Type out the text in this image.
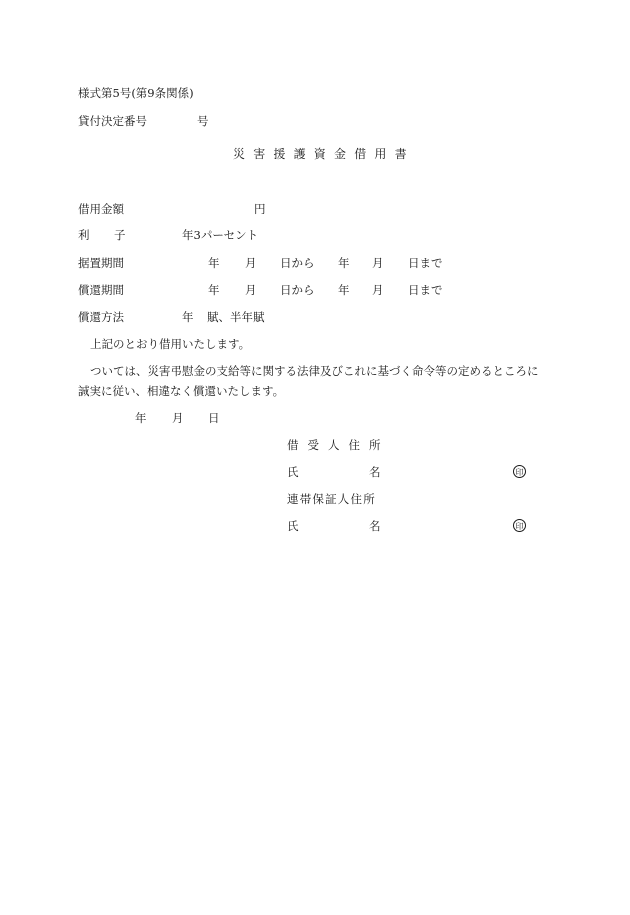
様式第5号(第9条関係)
貸付決定番号	号
災害援護資金借用書
借用金額	円
利 子	年3パーセント
据置期間	年 月 日から 年 月 日まで
償還期間	年 月 日から 年 月 日まで
償還方法	年 賦、半年賦
上記のとおり借用いたします。
ついては、災害弔慰金の支給等に関する法律及びこれに基づく命令等の定めるところに
誠実に従い、相違なく償還いたします。
年 月 日
借受人住所
氏	名	印
連帯保証人住所
氏	名	印
